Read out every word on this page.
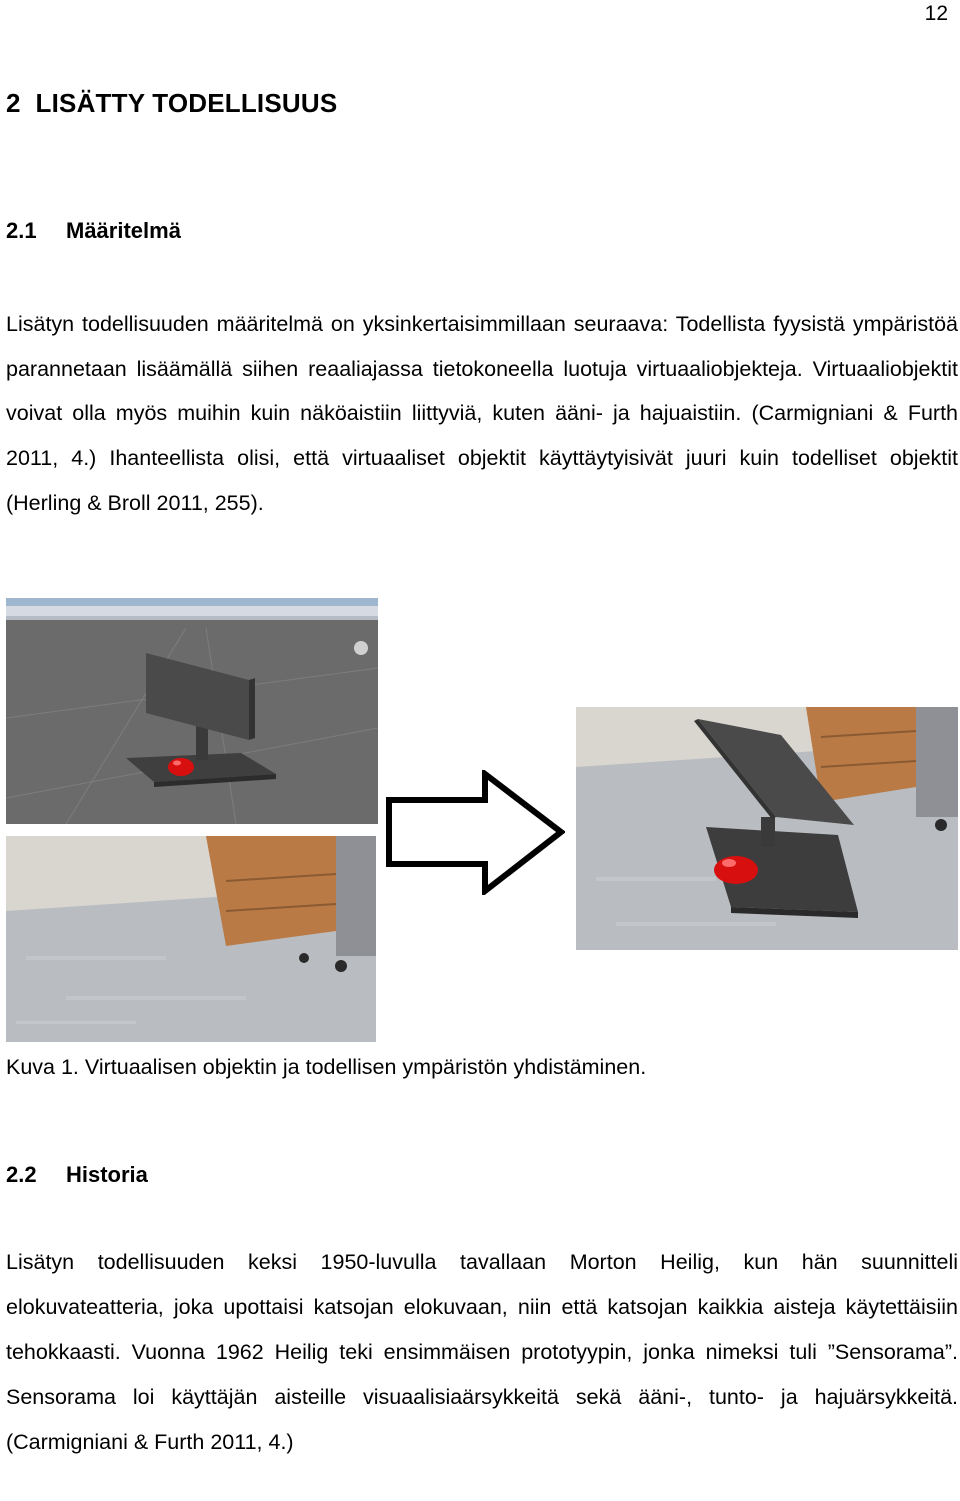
12
2 LISÄTTY TODELLISUUS
2.1 Määritelmä

Lisätyn todellisuuden määritelmä on yksinkertaisimmillaan seuraava: Todellista fyysistä ympäristöä parannetaan lisäämällä siihen reaaliajassa tietokoneella luotuja virtuaaliobjekteja. Virtuaaliobjektit voivat olla myös muihin kuin näköaistiin liittyviä, kuten ääni- ja hajuaistiin. (Carmigniani & Furth 2011, 4.) Ihanteellista olisi, että virtuaaliset objektit käyttäytyisivät juuri kuin todelliset objektit (Herling & Broll 2011, 255).

Kuva 1. Virtuaalisen objektin ja todellisen ympäristön yhdistäminen.

2.2 Historia

Lisätyn todellisuuden keksi 1950-luvulla tavallaan Morton Heilig, kun hän suunnitteli elokuvateatteria, joka upottaisi katsojan elokuvaan, niin että katsojan kaikkia aisteja käytettäisiin tehokkaasti. Vuonna 1962 Heilig teki ensimmäisen prototyypin, jonka nimeksi tuli ”Sensorama”. Sensorama loi käyttäjän aisteille visuaalisiaärsykkeitä sekä ääni-, tunto- ja hajuärsykkeitä. (Carmigniani & Furth 2011, 4.)
